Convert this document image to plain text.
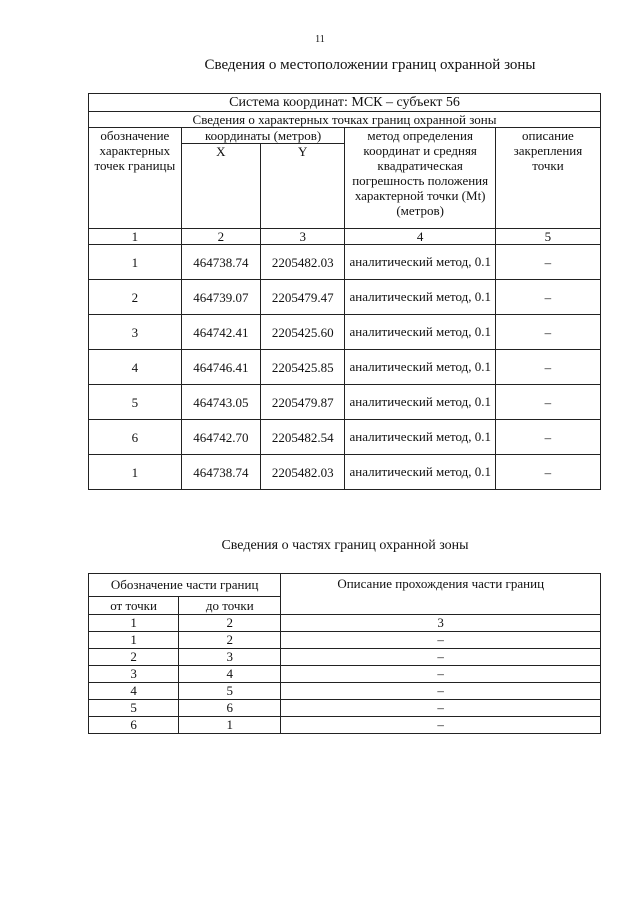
11
Сведения о местоположении границ охранной зоны
Система координат: МСК – субъект 56				
Сведения о характерных точках границ охранной зоны				
обозначение характерных точек границы	координаты (метров)		метод определения координат и средняя квадратическая погрешность положения характерной точки (Mt) (метров)	описание закрепления точки
	X	Y		
1	2	3	4	5
1	464738.74	2205482.03	аналитический метод, 0.1	–
2	464739.07	2205479.47	аналитический метод, 0.1	–
3	464742.41	2205425.60	аналитический метод, 0.1	–
4	464746.41	2205425.85	аналитический метод, 0.1	–
5	464743.05	2205479.87	аналитический метод, 0.1	–
6	464742.70	2205482.54	аналитический метод, 0.1	–
1	464738.74	2205482.03	аналитический метод, 0.1	–
Сведения о частях границ охранной зоны
Обозначение части границ		Описание прохождения части границ
от точки	до точки	
1	2	3
1	2	–
2	3	–
3	4	–
4	5	–
5	6	–
6	1	–
